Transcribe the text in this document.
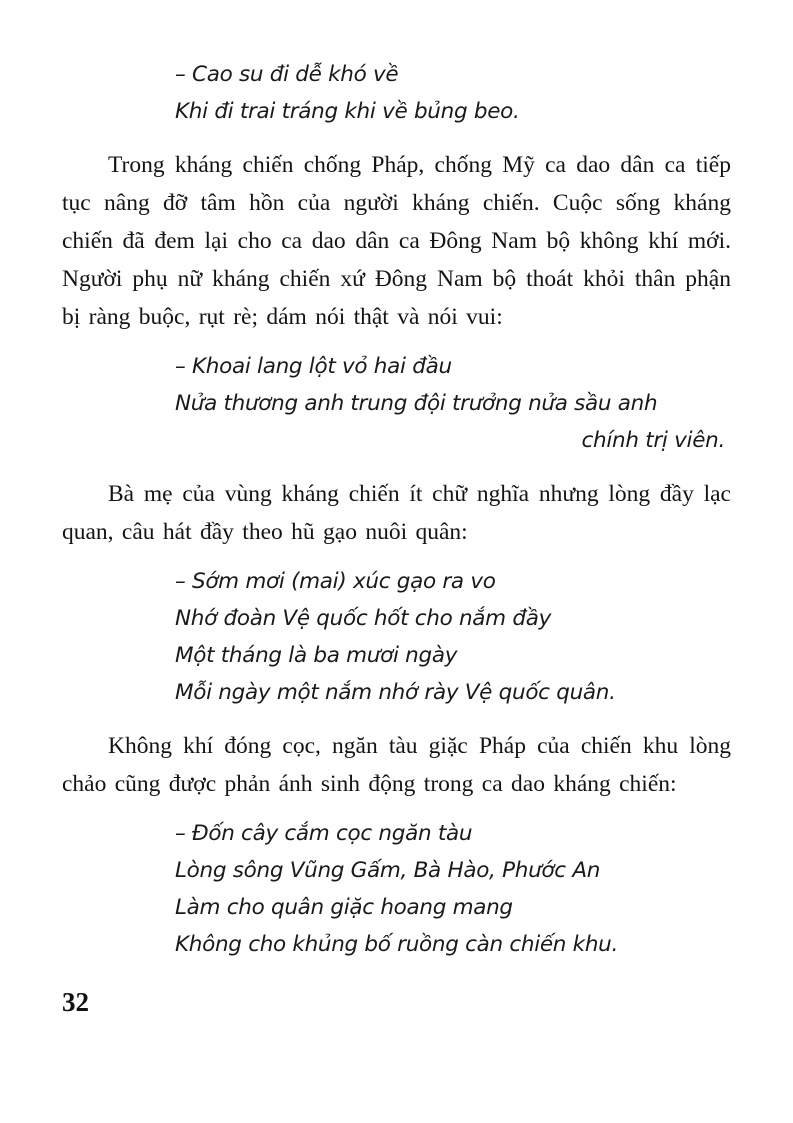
– Cao su đi dễ khó về
Khi đi trai tráng khi về bủng beo.

Trong kháng chiến chống Pháp, chống Mỹ ca dao dân ca tiếp tục nâng đỡ tâm hồn của người kháng chiến. Cuộc sống kháng chiến đã đem lại cho ca dao dân ca Đông Nam bộ không khí mới. Người phụ nữ kháng chiến xứ Đông Nam bộ thoát khỏi thân phận bị ràng buộc, rụt rè; dám nói thật và nói vui:

– Khoai lang lột vỏ hai đầu
Nửa thương anh trung đội trưởng nửa sầu anh
chính trị viên.

Bà mẹ của vùng kháng chiến ít chữ nghĩa nhưng lòng đầy lạc quan, câu hát đầy theo hũ gạo nuôi quân:

– Sớm mơi (mai) xúc gạo ra vo
Nhớ đoàn Vệ quốc hốt cho nắm đầy
Một tháng là ba mươi ngày
Mỗi ngày một nắm nhớ rày Vệ quốc quân.

Không khí đóng cọc, ngăn tàu giặc Pháp của chiến khu lòng chảo cũng được phản ánh sinh động trong ca dao kháng chiến:

– Đốn cây cắm cọc ngăn tàu
Lòng sông Vũng Gấm, Bà Hào, Phước An
Làm cho quân giặc hoang mang
Không cho khủng bố ruồng càn chiến khu.
32
